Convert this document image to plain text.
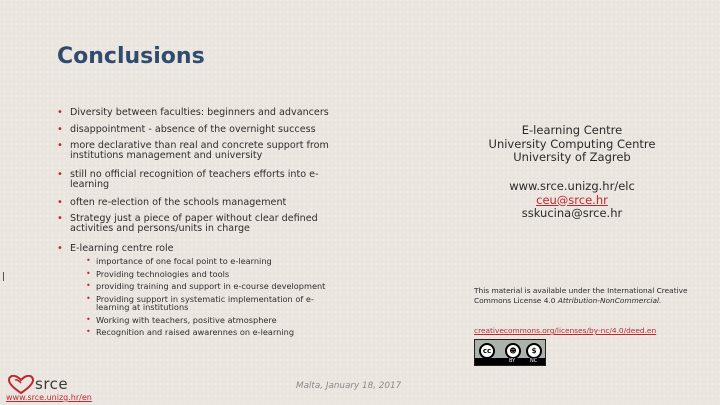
Conclusions
• Diversity between faculties: beginners and advancers
• disappointment - absence of the overnight success
• more declarative than real and concrete support from institutions management and university
• still no official recognition of teachers efforts into e-learning
• often re-election of the schools management
• Strategy just a piece of paper without clear defined activities and persons/units in charge
• E-learning centre role
• importance of one focal point to e-learning
• Providing technologies and tools
• providing training and support in e-course development
• Providing support in systematic implementation of e-learning at institutions
• Working with teachers, positive atmosphere
• Recognition and raised awarennes on e-learning
E-learning Centre
University Computing Centre
University of Zagreb
www.srce.unizg.hr/elc
ceu@srce.hr
sskucina@srce.hr
This material is available under the International Creative Commons License 4.0 Attribution-NonCommercial.
creativecommons.org/licenses/by-nc/4.0/deed.en
cc	☻	$
BY	NC
srce
www.srce.unizg.hr/en
Malta, January 18, 2017
